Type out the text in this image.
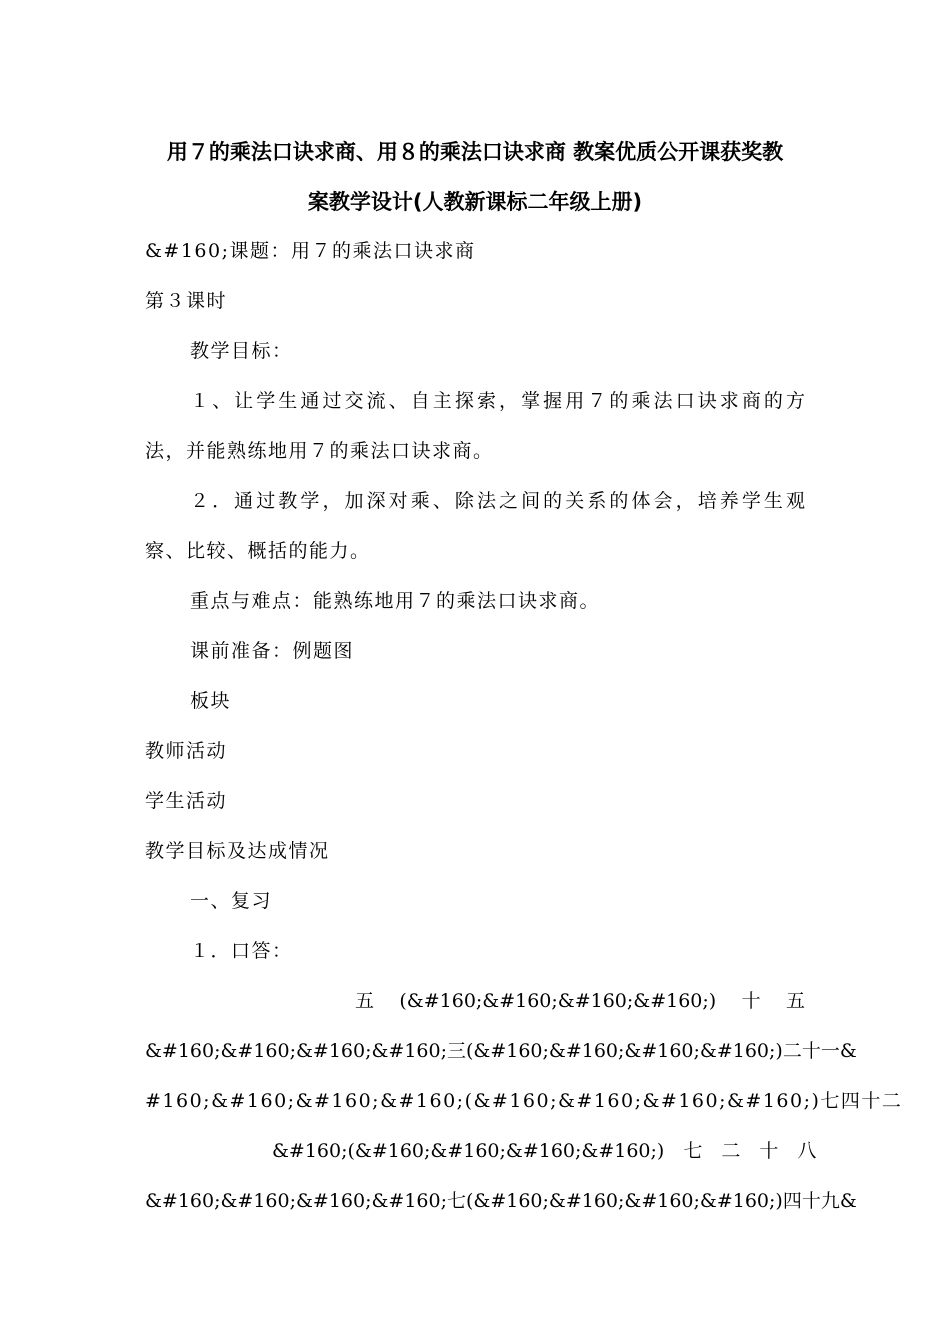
用７的乘法口诀求商、用８的乘法口诀求商 教案优质公开课获奖教
案教学设计(人教新课标二年级上册)
&#160;课题：用７的乘法口诀求商
第３课时
教学目标：
１、让学生通过交流、自主探索，掌握用７的乘法口诀求商的方
法，并能熟练地用７的乘法口诀求商。
２．通过教学，加深对乘、除法之间的关系的体会，培养学生观
察、比较、概括的能力。
重点与难点：能熟练地用７的乘法口诀求商。
课前准备：例题图
板块
教师活动
学生活动
教学目标及达成情况
一、复习
１．口答：
五　(&#160;&#160;&#160;&#160;)　十　五
&#160;&#160;&#160;&#160;三(&#160;&#160;&#160;&#160;)二十一&
#160;&#160;&#160;&#160;(&#160;&#160;&#160;&#160;)七四十二
&#160;(&#160;&#160;&#160;&#160;)　七　二　十　八
&#160;&#160;&#160;&#160;七(&#160;&#160;&#160;&#160;)四十九&
